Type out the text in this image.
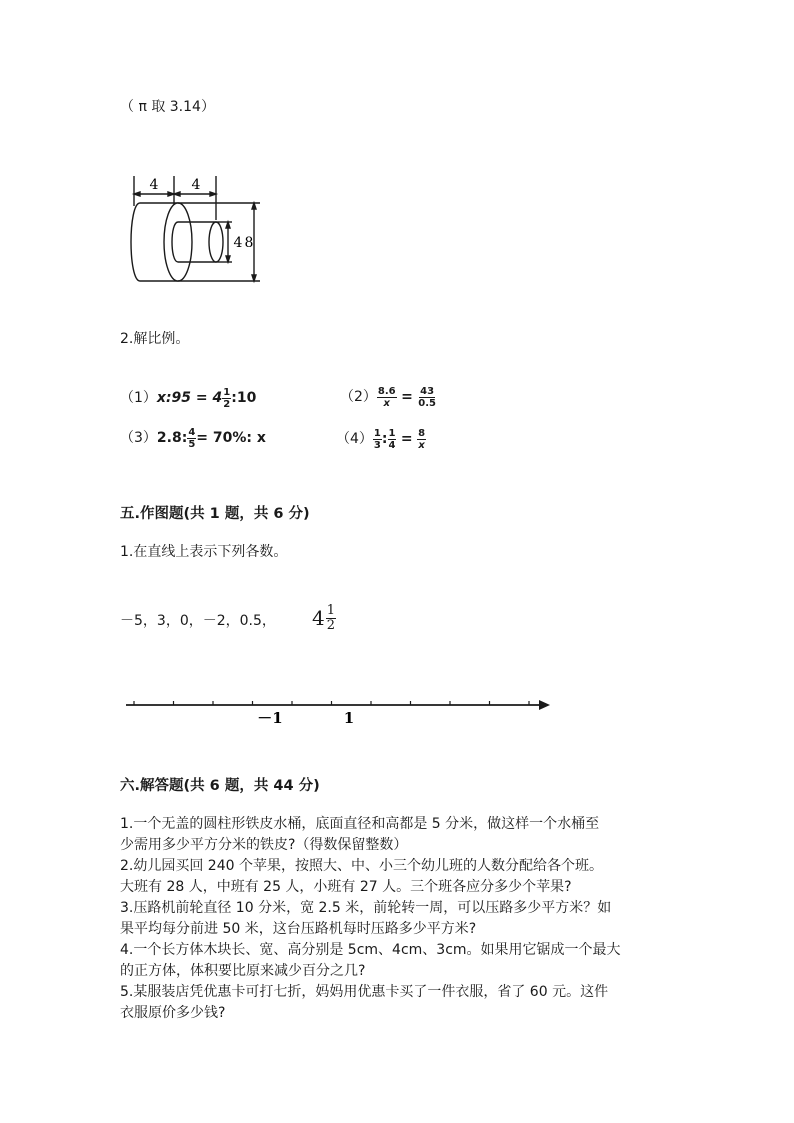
（ π 取 3.14）
4 4
4 8
2.解比例。
（1）x:95 = $4 \frac{1}{2}$ :10	$(2) \frac{8.6}{x} = \frac{43}{0.5}$
（3）2.8: $\frac{4}{5} = 70\%$: x	$(4) \frac{1}{3}$ : $\frac{1}{4} = \frac{8}{x}$
五.作图题(共 1 题，共 6 分)
1.在直线上表示下列各数。
－5，3，0，－2，0.5， $4 \frac{1}{2}$
－1	1
六.解答题(共 6 题，共 44 分)

1.一个无盖的圆柱形铁皮水桶，底面直径和高都是 5 分米，做这样一个水桶至

少需用多少平方分米的铁皮?（得数保留整数）

2.幼儿园买回 240 个苹果，按照大、中、小三个幼儿班的人数分配给各个班。

大班有 28 人，中班有 25 人，小班有 27 人。三个班各应分多少个苹果?

3.压路机前轮直径 10 分米，宽 2.5 米，前轮转一周，可以压路多少平方米？如

果平均每分前进 50 米，这台压路机每时压路多少平方米?

4.一个长方体木块长、宽、高分别是 5cm、4cm、3cm。如果用它锯成一个最大

的正方体，体积要比原来减少百分之几?

5.某服装店凭优惠卡可打七折，妈妈用优惠卡买了一件衣服，省了 60 元。这件

衣服原价多少钱?
